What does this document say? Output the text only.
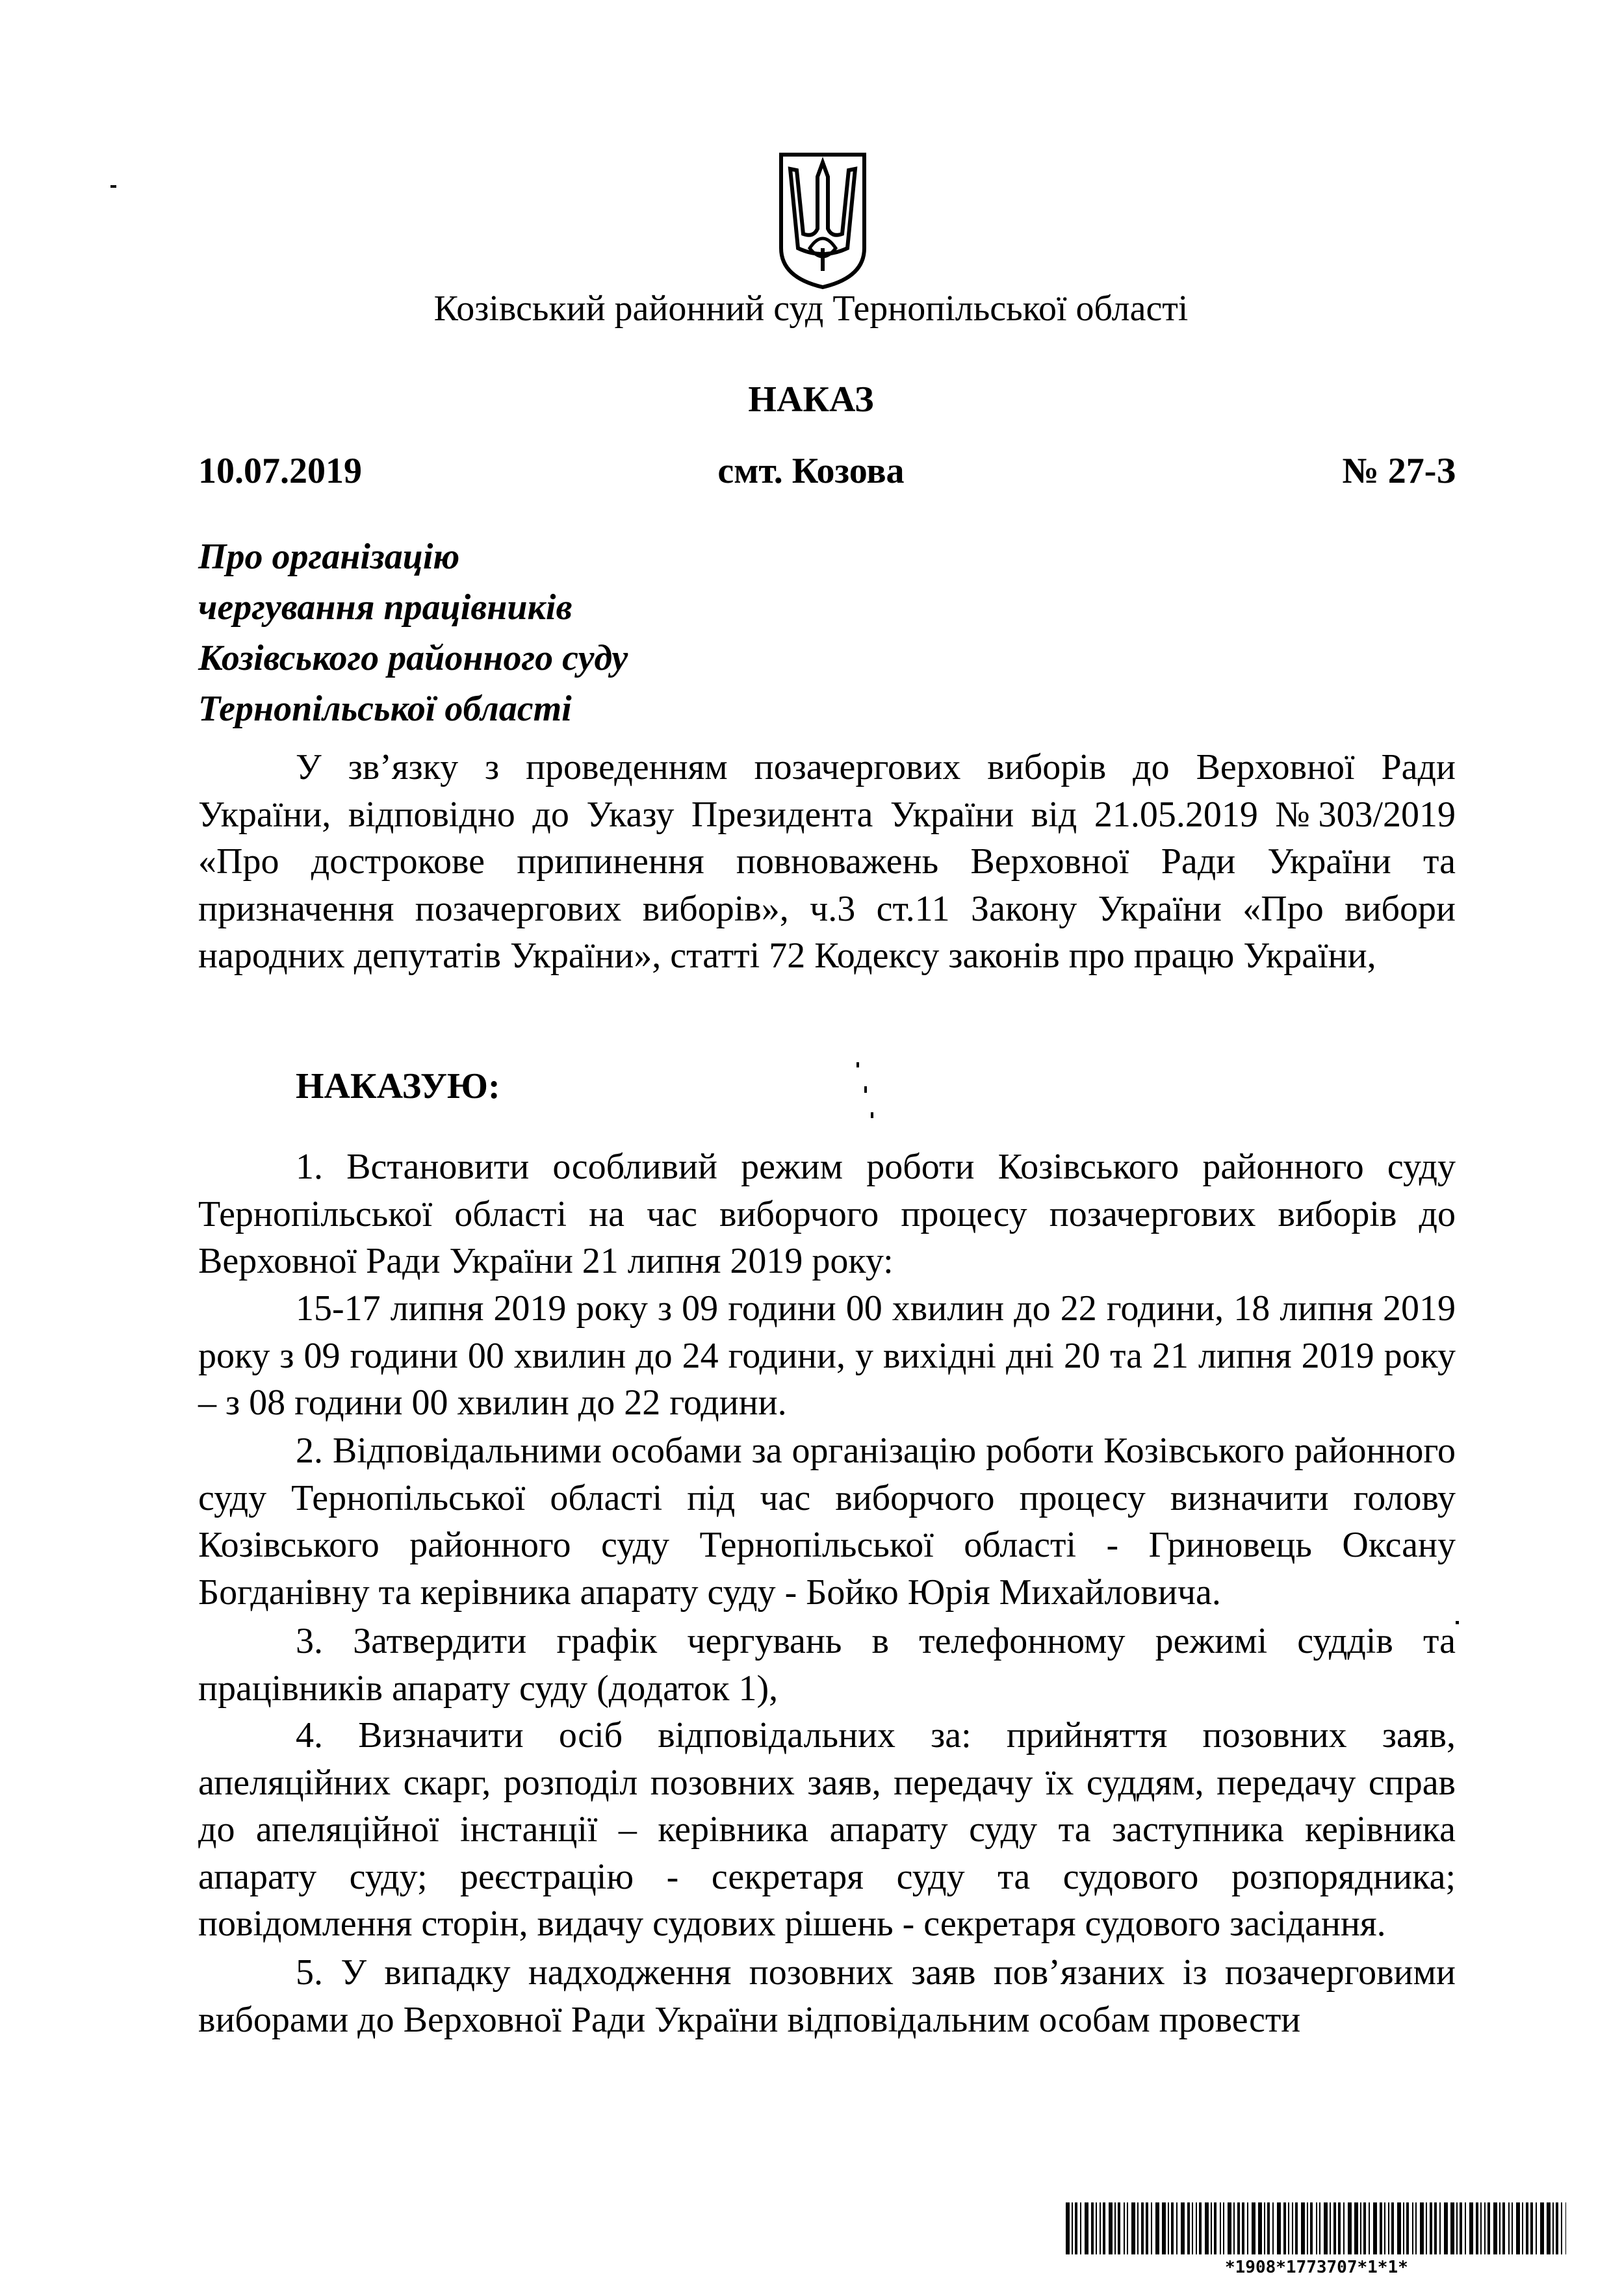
Козівський районний суд Тернопільської області
НАКАЗ
10.07.2019	смт. Козова	№ 27-З
Про організацію
чергування працівників
Козівського районного суду
Тернопільської області
У зв’язку з проведенням позачергових виборів до Верховної Ради України, відповідно до Указу Президента України від 21.05.2019 №303/2019 «Про дострокове припинення повноважень Верховної Ради України та призначення позачергових виборів», ч.3 ст.11 Закону України «Про вибори народних депутатів України», статті 72 Кодексу законів про працю України,
НАКАЗУЮ:
1. Встановити особливий режим роботи Козівського районного суду Тернопільської області на час виборчого процесу позачергових виборів до Верховної Ради України 21 липня 2019 року:
15-17 липня 2019 року з 09 години 00 хвилин до 22 години, 18 липня 2019 року з 09 години 00 хвилин до 24 години, у вихідні дні 20 та 21 липня 2019 року – з 08 години 00 хвилин до 22 години.
2. Відповідальними особами за організацію роботи Козівського районного суду Тернопільської області під час виборчого процесу визначити голову Козівського районного суду Тернопільської області - Гриновець Оксану Богданівну та керівника апарату суду - Бойко Юрія Михайловича.
3. Затвердити графік чергувань в телефонному режимі суддів та працівників апарату суду (додаток 1),
4. Визначити осіб відповідальних за: прийняття позовних заяв, апеляційних скарг, розподіл позовних заяв, передачу їх суддям, передачу справ до апеляційної інстанції – керівника апарату суду та заступника керівника апарату суду; реєстрацію - секретаря суду та судового розпорядника; повідомлення сторін, видачу судових рішень - секретаря судового засідання.
5. У випадку надходження позовних заяв пов’язаних із позачерговими виборами до Верховної Ради України відповідальним особам провести
*1908*1773707*1*1*
